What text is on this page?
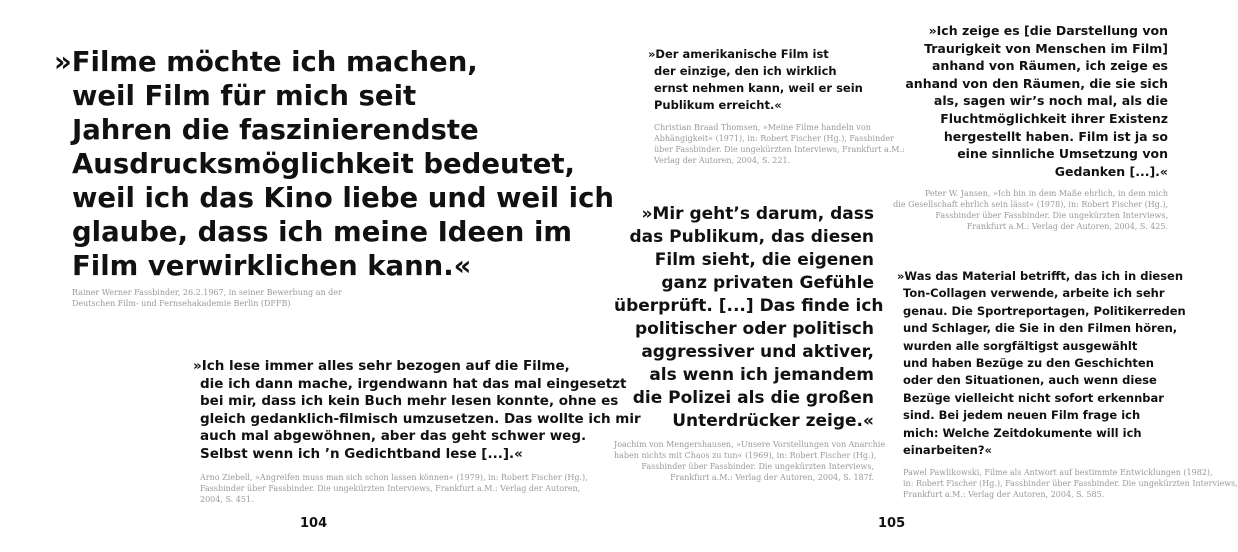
»Filme möchte ich machen,
weil Film für mich seit
Jahren die faszinierendste
Ausdrucksmöglichkeit bedeutet,
weil ich das Kino liebe und weil ich
glaube, dass ich meine Ideen im
Film verwirklichen kann.«

Rainer Werner Fassbinder, 26.2.1967, in seiner Bewerbung an der
Deutschen Film- und Fernsehakademie Berlin (DFFB)

»Ich lese immer alles sehr bezogen auf die Filme,
die ich dann mache, irgendwann hat das mal eingesetzt
bei mir, dass ich kein Buch mehr lesen konnte, ohne es
gleich gedanklich-filmisch umzusetzen. Das wollte ich mir
auch mal abgewöhnen, aber das geht schwer weg.
Selbst wenn ich ’n Gedichtband lese [...].«

Arno Ziebell, »Angreifen muss man sich schon lassen können« (1979), in: Robert Fischer (Hg.),
Fassbinder über Fassbinder. Die ungekürzten Interviews, Frankfurt a.M.: Verlag der Autoren,
2004, S. 451.

104

»Der amerikanische Film ist
der einzige, den ich wirklich
ernst nehmen kann, weil er sein
Publikum erreicht.«

Christian Braad Thomsen, »Meine Filme handeln von
Abhängigkeit« (1971), in: Robert Fischer (Hg.), Fassbinder
über Fassbinder. Die ungekürzten Interviews, Frankfurt a.M.:
Verlag der Autoren, 2004, S. 221.

»Mir geht’s darum, dass
das Publikum, das diesen
Film sieht, die eigenen
ganz privaten Gefühle
überprüft. [...] Das finde ich
politischer oder politisch
aggressiver und aktiver,
als wenn ich jemandem
die Polizei als die großen
Unterdrücker zeige.«

Joachim von Mengershausen, »Unsere Vorstellungen von Anarchie
haben nichts mit Chaos zu tun« (1969), in: Robert Fischer (Hg.),
Fassbinder über Fassbinder. Die ungekürzten Interviews,
Frankfurt a.M.: Verlag der Autoren, 2004, S. 187f.

»Ich zeige es [die Darstellung von
Traurigkeit von Menschen im Film]
anhand von Räumen, ich zeige es
anhand von den Räumen, die sie sich
als, sagen wir’s noch mal, als die
Fluchtmöglichkeit ihrer Existenz
hergestellt haben. Film ist ja so
eine sinnliche Umsetzung von
Gedanken [...].«

Peter W. Jansen, »Ich bin in dem Maße ehrlich, in dem mich
die Gesellschaft ehrlich sein lässt« (1978), in: Robert Fischer (Hg.),
Fassbinder über Fassbinder. Die ungekürzten Interviews,
Frankfurt a.M.: Verlag der Autoren, 2004, S. 425.

»Was das Material betrifft, das ich in diesen
Ton-Collagen verwende, arbeite ich sehr
genau. Die Sportreportagen, Politikerreden
und Schlager, die Sie in den Filmen hören,
wurden alle sorgfältigst ausgewählt
und haben Bezüge zu den Geschichten
oder den Situationen, auch wenn diese
Bezüge vielleicht nicht sofort erkennbar
sind. Bei jedem neuen Film frage ich
mich: Welche Zeitdokumente will ich
einarbeiten?«

Pawel Pawlikowski, Filme als Antwort auf bestimmte Entwicklungen (1982),
in: Robert Fischer (Hg.), Fassbinder über Fassbinder. Die ungekürzten Interviews,
Frankfurt a.M.: Verlag der Autoren, 2004, S. 585.

105
